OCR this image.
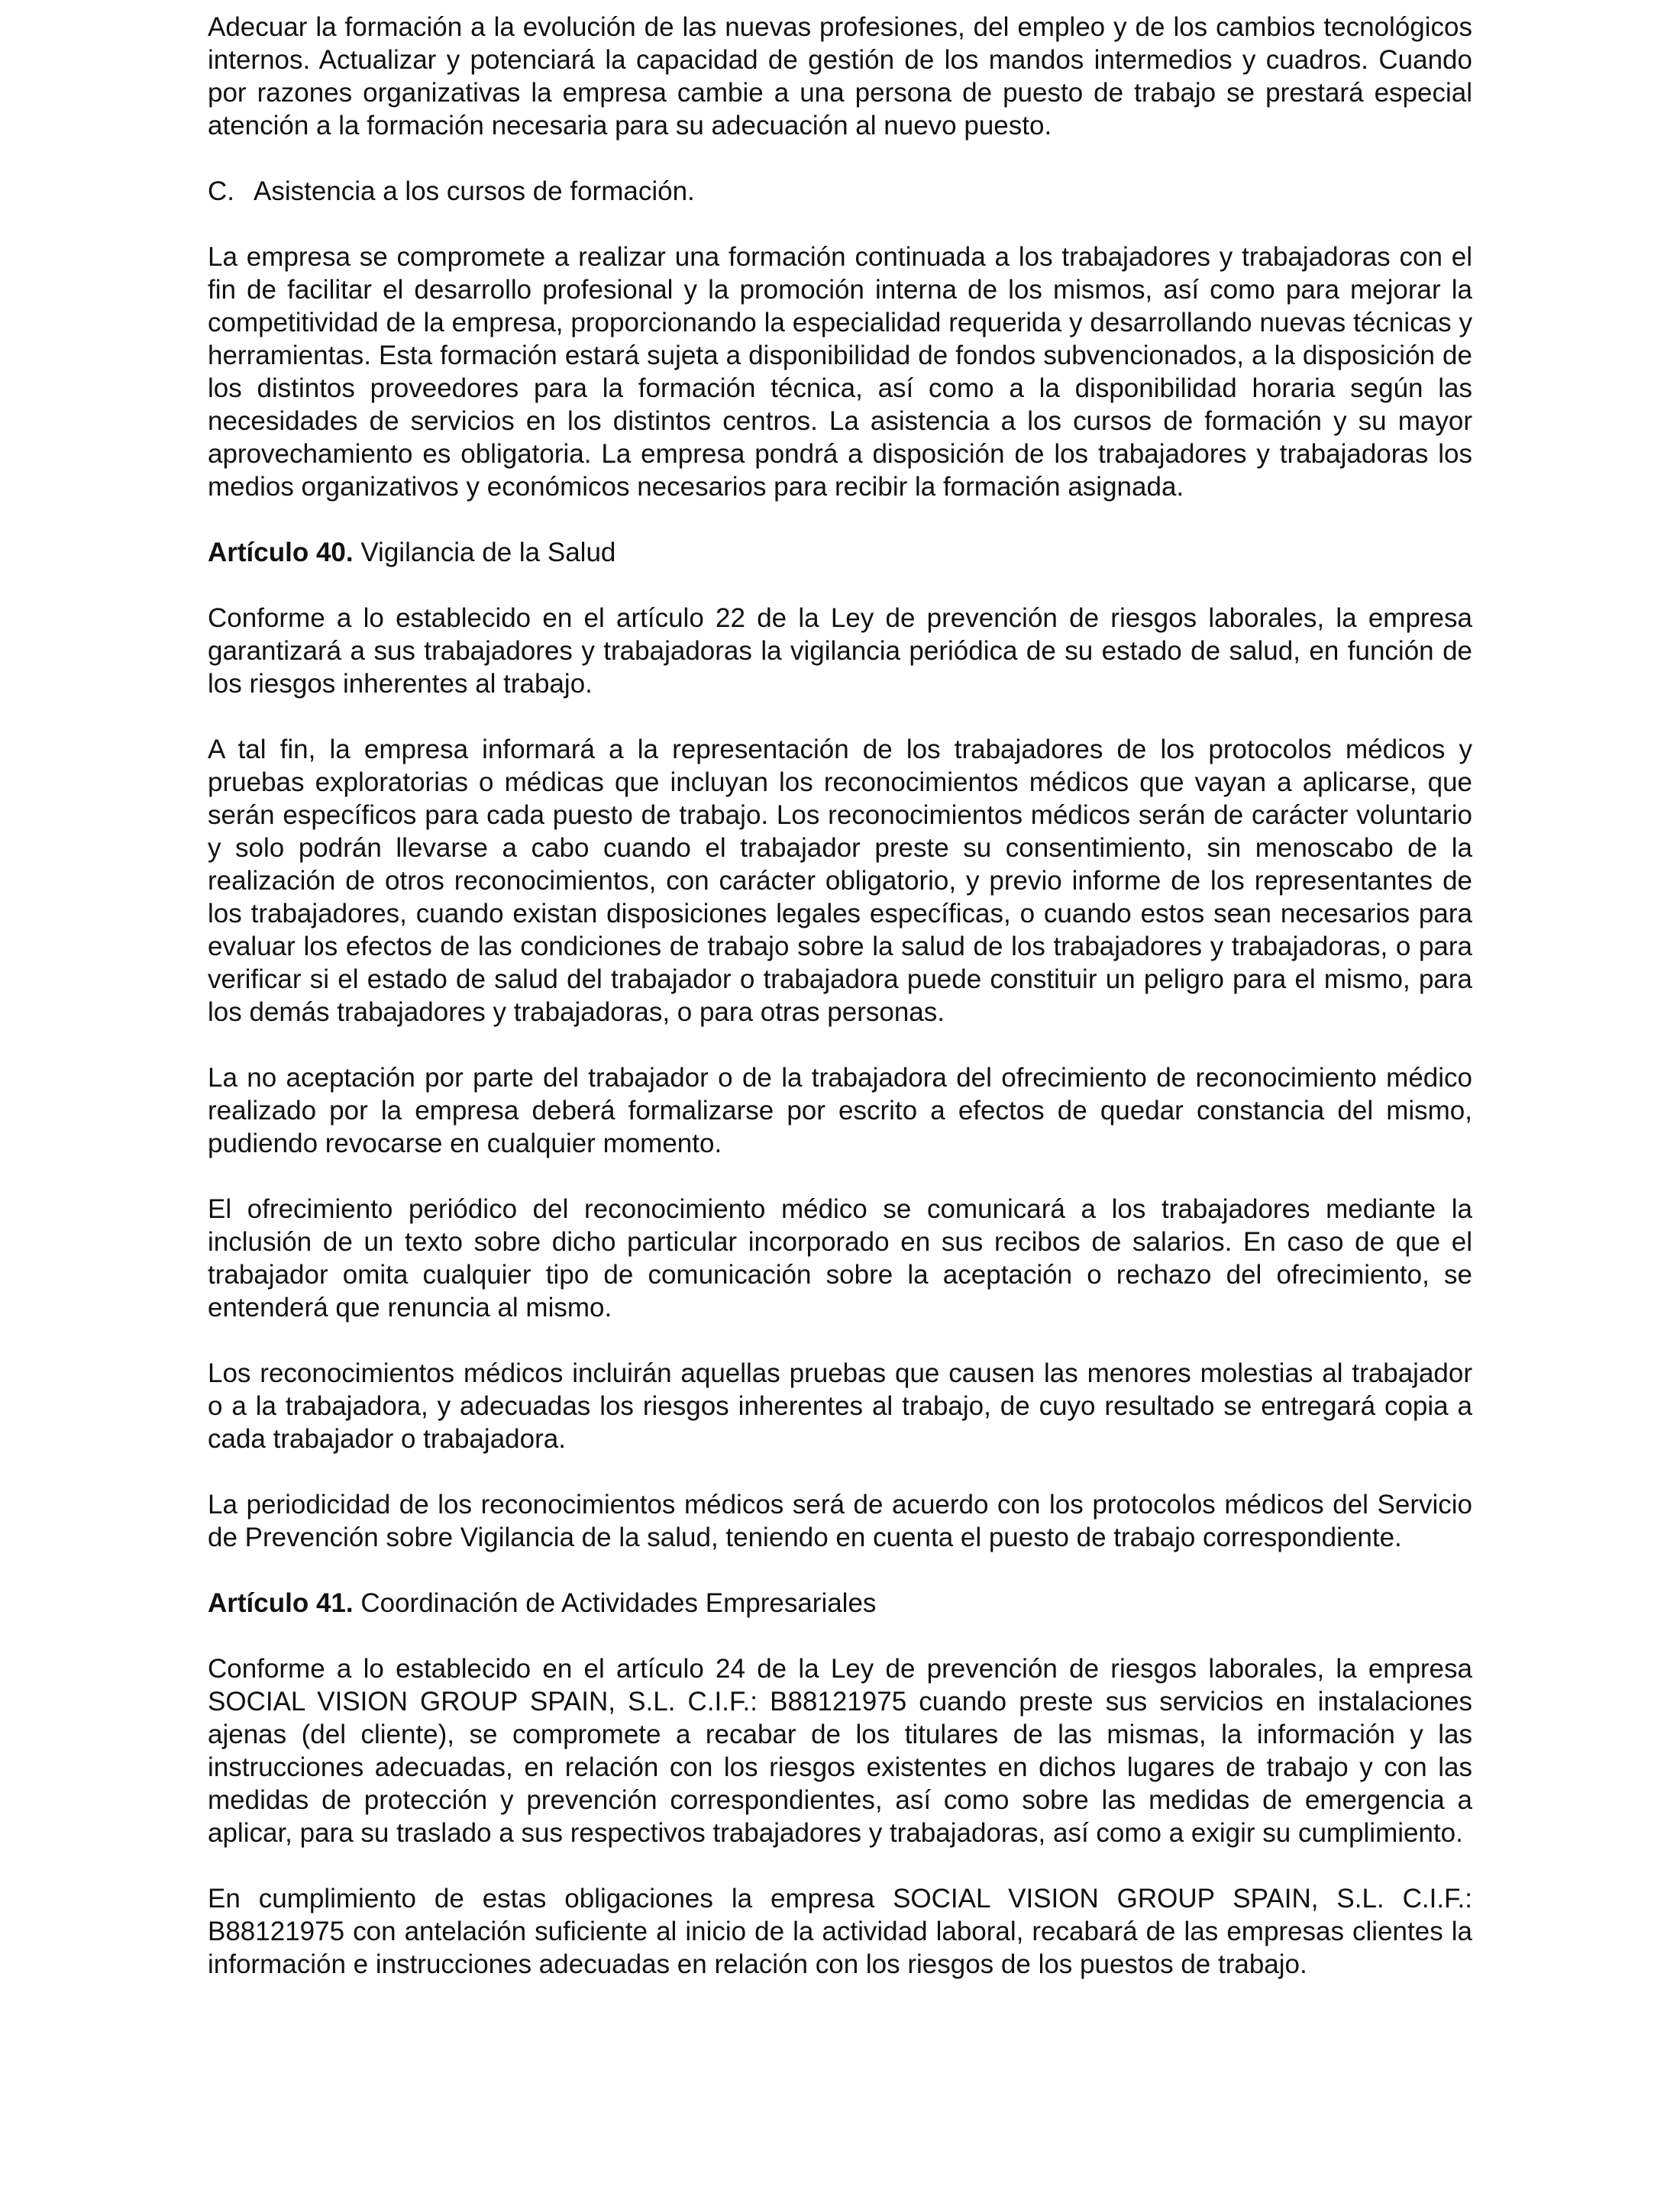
Adecuar la formación a la evolución de las nuevas profesiones, del empleo y de los cambios tecnológicos internos. Actualizar y potenciará la capacidad de gestión de los mandos intermedios y cuadros. Cuando por razones organizativas la empresa cambie a una persona de puesto de trabajo se prestará especial atención a la formación necesaria para su adecuación al nuevo puesto.

C. Asistencia a los cursos de formación.

La empresa se compromete a realizar una formación continuada a los trabajadores y trabajadoras con el fin de facilitar el desarrollo profesional y la promoción interna de los mismos, así como para mejorar la competitividad de la empresa, proporcionando la especialidad requerida y desarrollando nuevas técnicas y herramientas. Esta formación estará sujeta a disponibilidad de fondos subvencionados, a la disposición de los distintos proveedores para la formación técnica, así como a la disponibilidad horaria según las necesidades de servicios en los distintos centros. La asistencia a los cursos de formación y su mayor aprovechamiento es obligatoria. La empresa pondrá a disposición de los trabajadores y trabajadoras los medios organizativos y económicos necesarios para recibir la formación asignada.

Artículo 40. Vigilancia de la Salud

Conforme a lo establecido en el artículo 22 de la Ley de prevención de riesgos laborales, la empresa garantizará a sus trabajadores y trabajadoras la vigilancia periódica de su estado de salud, en función de los riesgos inherentes al trabajo.

A tal fin, la empresa informará a la representación de los trabajadores de los protocolos médicos y pruebas exploratorias o médicas que incluyan los reconocimientos médicos que vayan a aplicarse, que serán específicos para cada puesto de trabajo. Los reconocimientos médicos serán de carácter voluntario y solo podrán llevarse a cabo cuando el trabajador preste su consentimiento, sin menoscabo de la realización de otros reconocimientos, con carácter obligatorio, y previo informe de los representantes de los trabajadores, cuando existan disposiciones legales específicas, o cuando estos sean necesarios para evaluar los efectos de las condiciones de trabajo sobre la salud de los trabajadores y trabajadoras, o para verificar si el estado de salud del trabajador o trabajadora puede constituir un peligro para el mismo, para los demás trabajadores y trabajadoras, o para otras personas.

La no aceptación por parte del trabajador o de la trabajadora del ofrecimiento de reconocimiento médico realizado por la empresa deberá formalizarse por escrito a efectos de quedar constancia del mismo, pudiendo revocarse en cualquier momento.

El ofrecimiento periódico del reconocimiento médico se comunicará a los trabajadores mediante la inclusión de un texto sobre dicho particular incorporado en sus recibos de salarios. En caso de que el trabajador omita cualquier tipo de comunicación sobre la aceptación o rechazo del ofrecimiento, se entenderá que renuncia al mismo.

Los reconocimientos médicos incluirán aquellas pruebas que causen las menores molestias al trabajador o a la trabajadora, y adecuadas los riesgos inherentes al trabajo, de cuyo resultado se entregará copia a cada trabajador o trabajadora.

La periodicidad de los reconocimientos médicos será de acuerdo con los protocolos médicos del Servicio de Prevención sobre Vigilancia de la salud, teniendo en cuenta el puesto de trabajo correspondiente.

Artículo 41. Coordinación de Actividades Empresariales

Conforme a lo establecido en el artículo 24 de la Ley de prevención de riesgos laborales, la empresa SOCIAL VISION GROUP SPAIN, S.L. C.I.F.: B88121975 cuando preste sus servicios en instalaciones ajenas (del cliente), se compromete a recabar de los titulares de las mismas, la información y las instrucciones adecuadas, en relación con los riesgos existentes en dichos lugares de trabajo y con las medidas de protección y prevención correspondientes, así como sobre las medidas de emergencia a aplicar, para su traslado a sus respectivos trabajadores y trabajadoras, así como a exigir su cumplimiento.

En cumplimiento de estas obligaciones la empresa SOCIAL VISION GROUP SPAIN, S.L. C.I.F.: B88121975 con antelación suficiente al inicio de la actividad laboral, recabará de las empresas clientes la información e instrucciones adecuadas en relación con los riesgos de los puestos de trabajo.
